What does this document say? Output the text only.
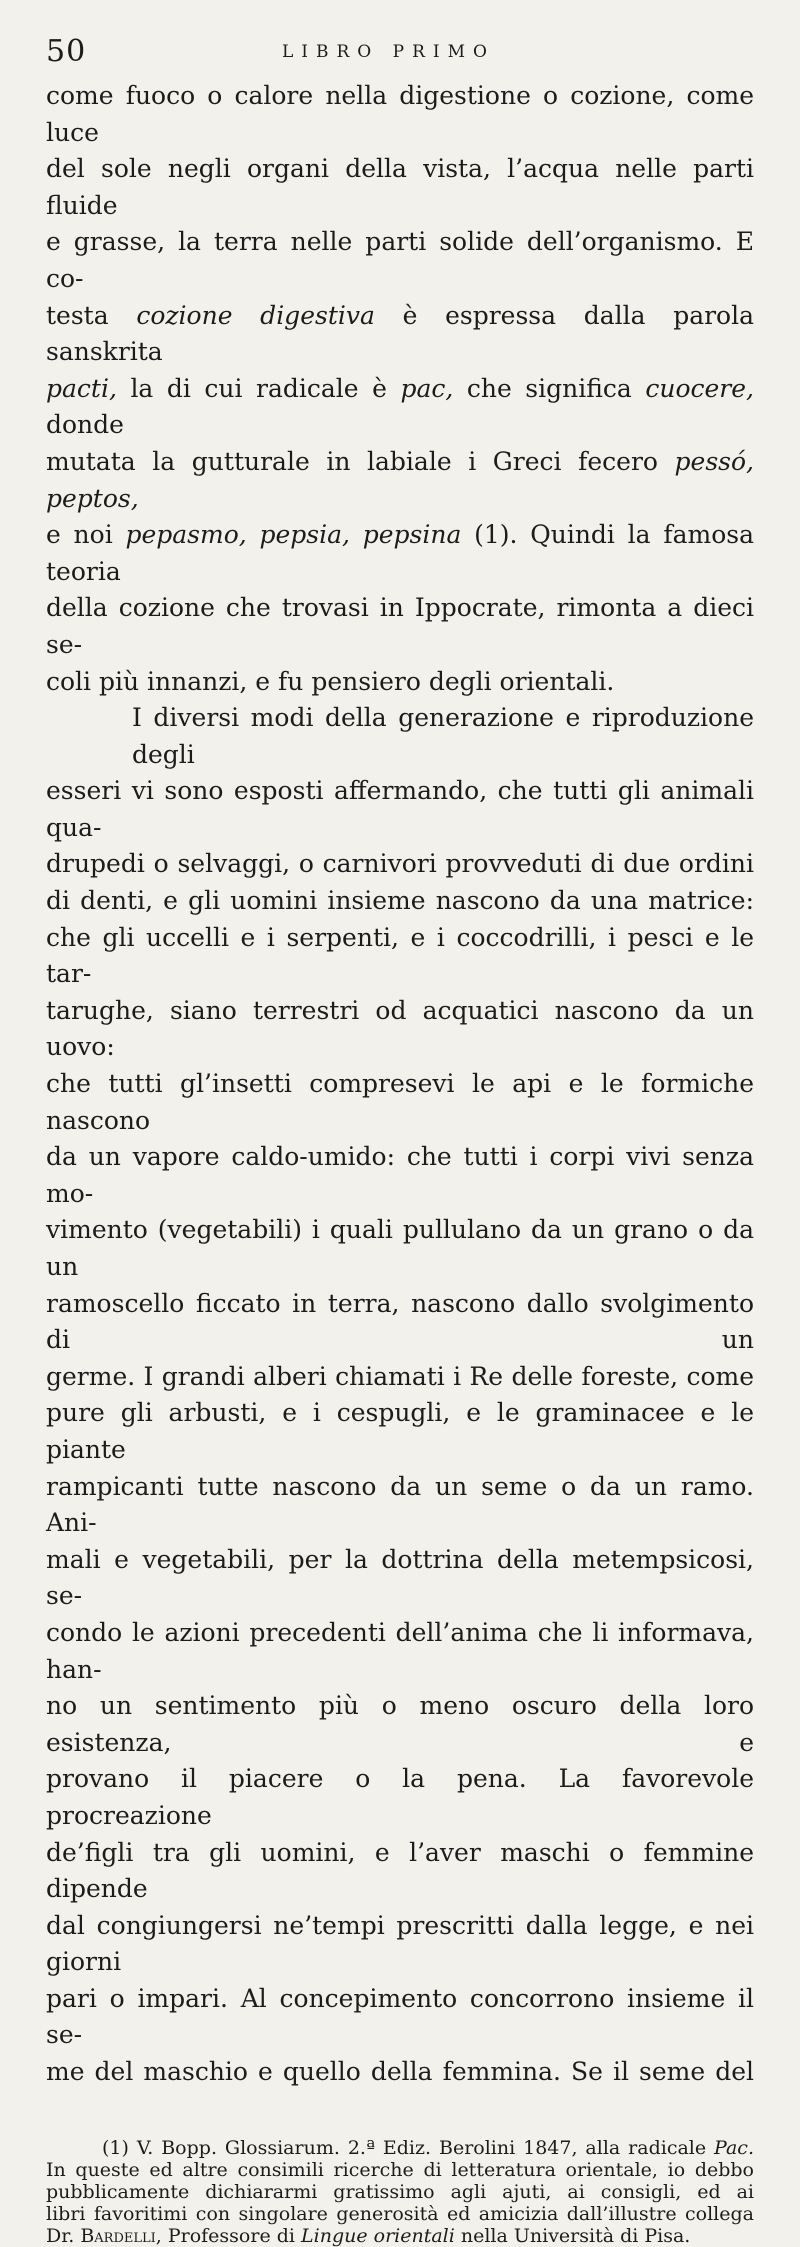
50	LIBRO PRIMO
come fuoco o calore nella digestione o cozione, come luce
del sole negli organi della vista, l’acqua nelle parti fluide
e grasse, la terra nelle parti solide dell’organismo. E co-
testa cozione digestiva è espressa dalla parola sanskrita
pacti, la di cui radicale è pac, che significa cuocere, donde
mutata la gutturale in labiale i Greci fecero pessó, peptos,
e noi pepasmo, pepsia, pepsina (1). Quindi la famosa teoria
della cozione che trovasi in Ippocrate, rimonta a dieci se-
coli più innanzi, e fu pensiero degli orientali.
I diversi modi della generazione e riproduzione degli
esseri vi sono esposti affermando, che tutti gli animali qua-
drupedi o selvaggi, o carnivori provveduti di due ordini
di denti, e gli uomini insieme nascono da una matrice:
che gli uccelli e i serpenti, e i coccodrilli, i pesci e le tar-
tarughe, siano terrestri od acquatici nascono da un uovo:
che tutti gl’insetti compresevi le api e le formiche nascono
da un vapore caldo-umido: che tutti i corpi vivi senza mo-
vimento (vegetabili) i quali pullulano da un grano o da un
ramoscello ficcato in terra, nascono dallo svolgimento di un
germe. I grandi alberi chiamati i Re delle foreste, come
pure gli arbusti, e i cespugli, e le graminacee e le piante
rampicanti tutte nascono da un seme o da un ramo. Ani-
mali e vegetabili, per la dottrina della metempsicosi, se-
condo le azioni precedenti dell’anima che li informava, han-
no un sentimento più o meno oscuro della loro esistenza, e
provano il piacere o la pena. La favorevole procreazione
de’figli tra gli uomini, e l’aver maschi o femmine dipende
dal congiungersi ne’tempi prescritti dalla legge, e nei giorni
pari o impari. Al concepimento concorrono insieme il se-
me del maschio e quello della femmina. Se il seme del

(1) V. Bopp. Glossiarum. 2.ª Ediz. Berolini 1847, alla radicale Pac.
In queste ed altre consimili ricerche di letteratura orientale, io debbo
pubblicamente dichiararmi gratissimo agli ajuti, ai consigli, ed ai
libri favoritimi con singolare generosità ed amicizia dall’illustre collega
Dr. Bardelli, Professore di Lingue orientali nella Università di Pisa.
